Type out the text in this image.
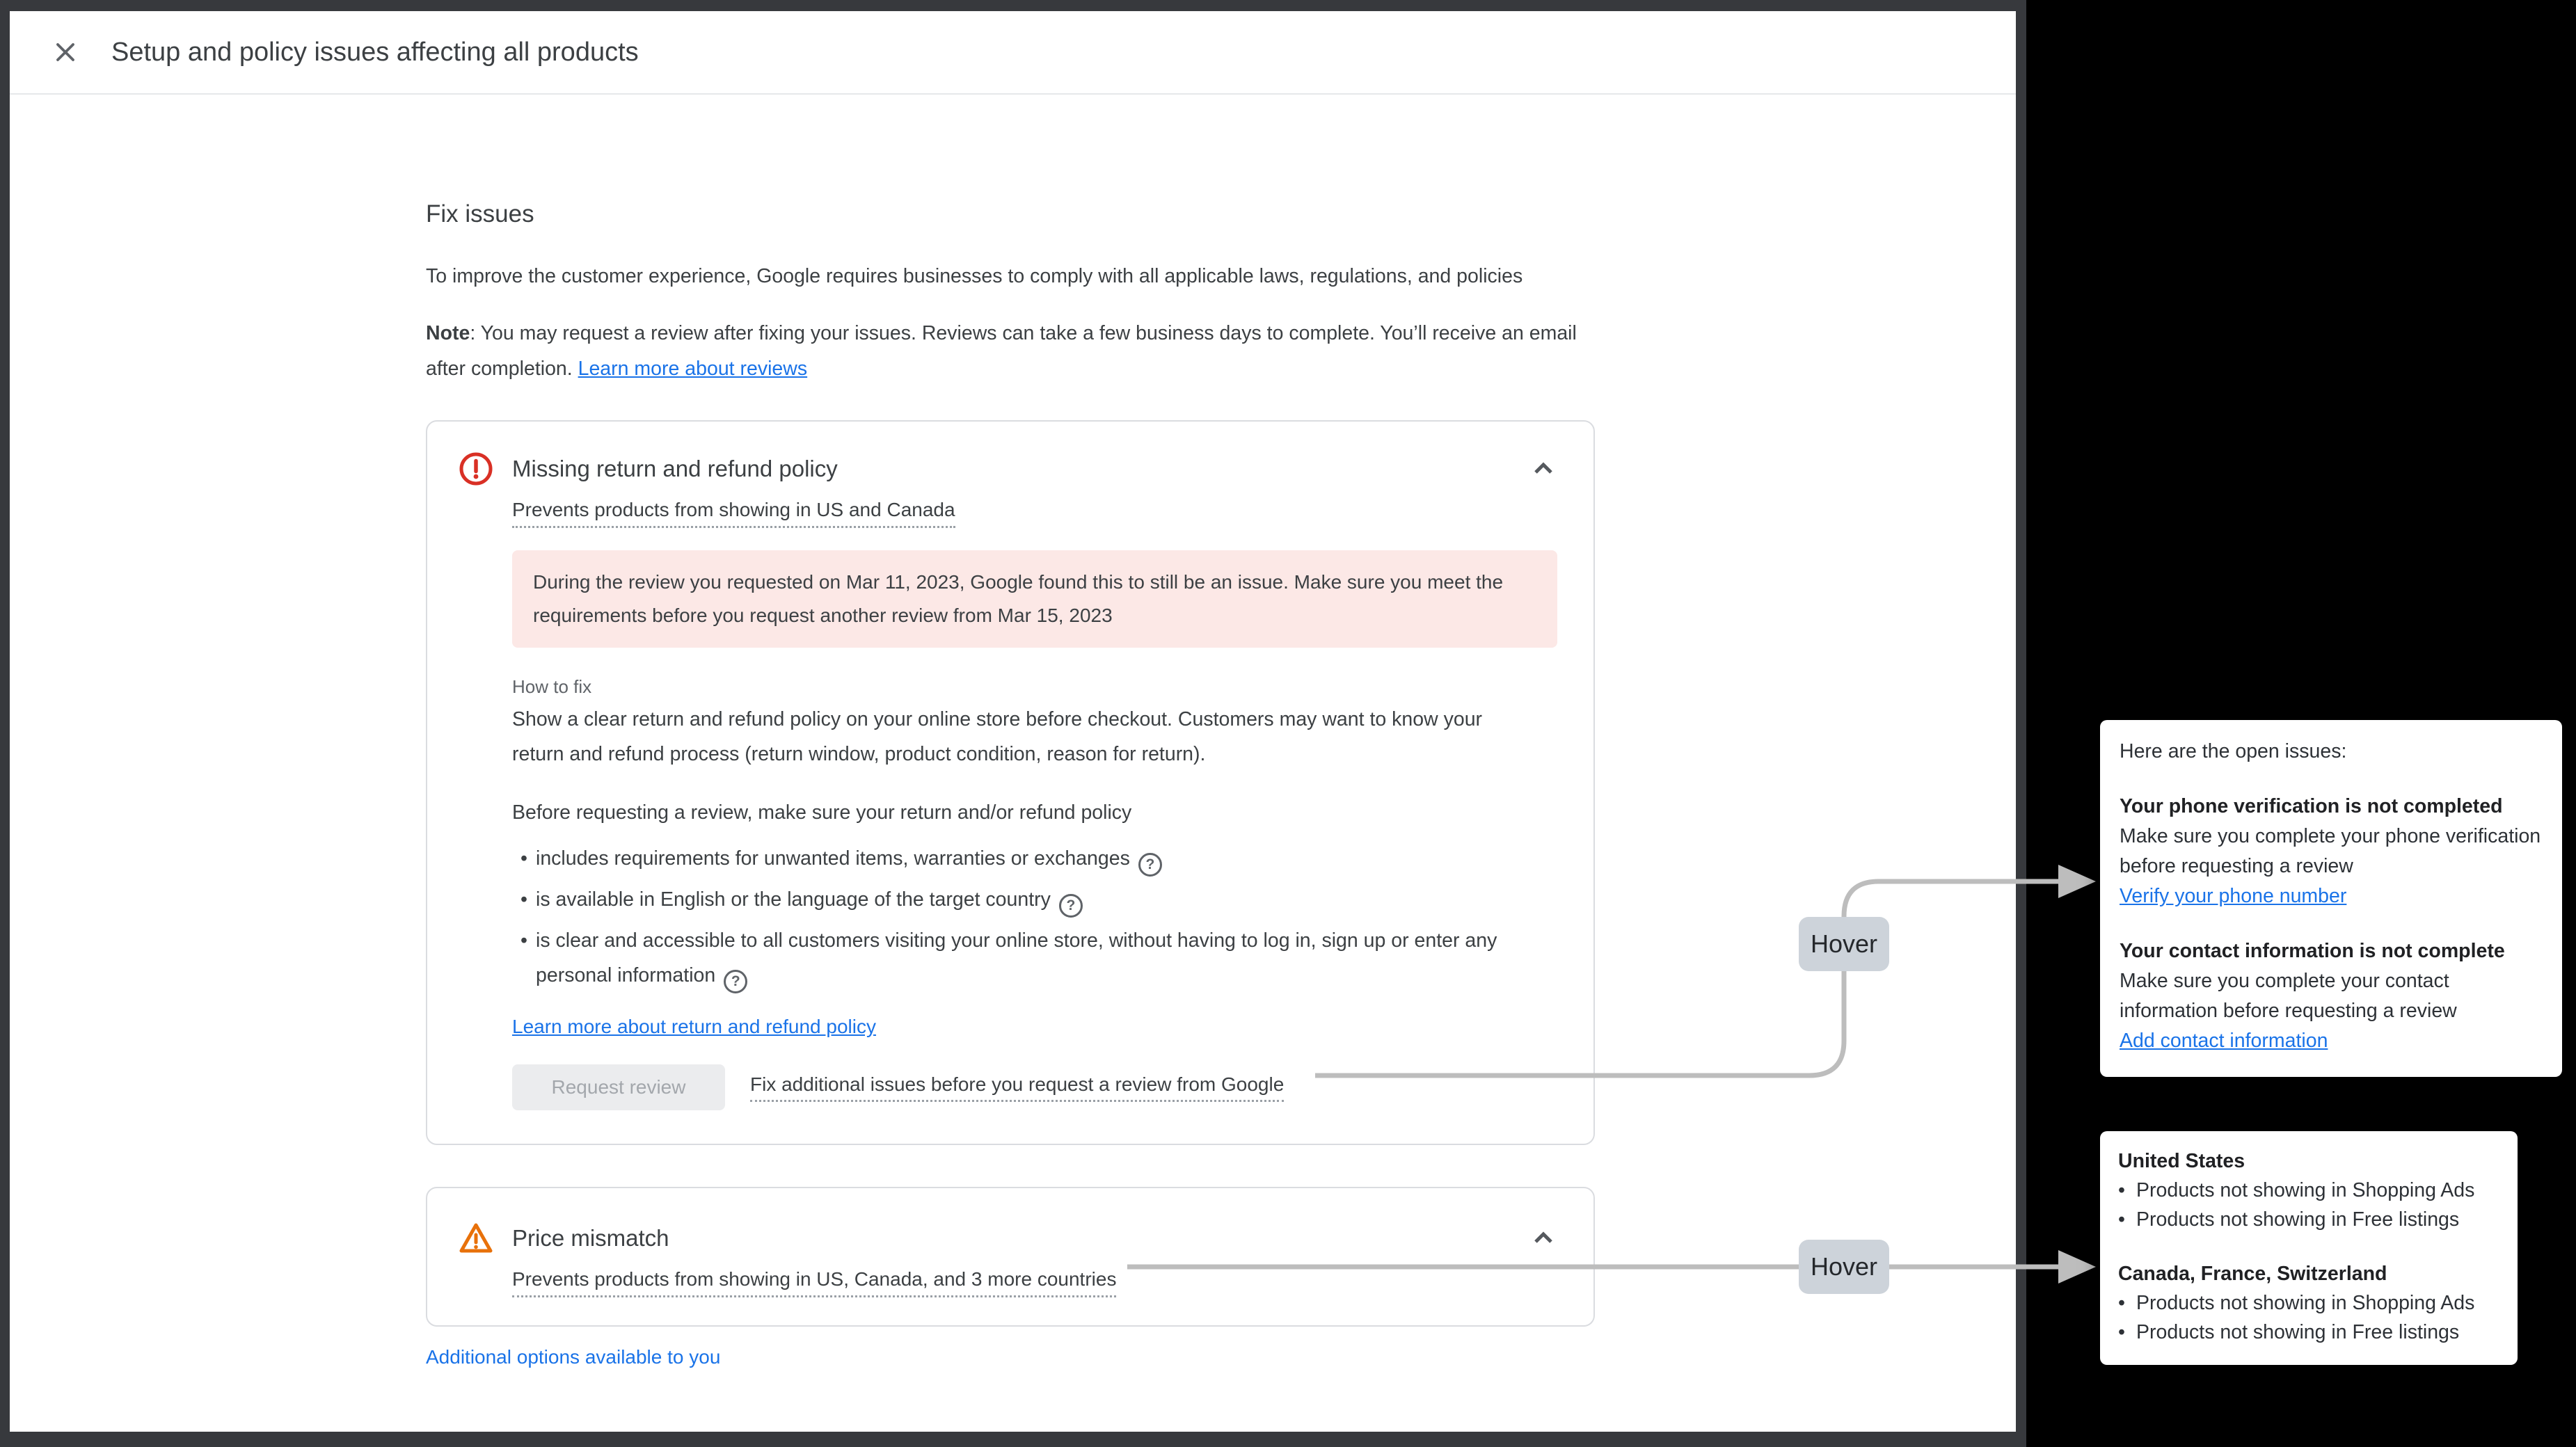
Setup and policy issues affecting all products
Fix issues
To improve the customer experience, Google requires businesses to comply with all applicable laws, regulations, and policies
Note: You may request a review after fixing your issues. Reviews can take a few business days to complete. You’ll receive an email after completion. Learn more about reviews
Missing return and refund policy
Prevents products from showing in US and Canada
During the review you requested on Mar 11, 2023, Google found this to still be an issue. Make sure you meet the requirements before you request another review from Mar 15, 2023
How to fix
Show a clear return and refund policy on your online store before checkout. Customers may want to know your return and refund process (return window, product condition, reason for return).
Before requesting a review, make sure your return and/or refund policy
• includes requirements for unwanted items, warranties or exchanges ?
• is available in English or the language of the target country ?
• is clear and accessible to all customers visiting your online store, without having to log in, sign up or enter any personal information ?
Learn more about return and refund policy
Request review	Fix additional issues before you request a review from Google
Price mismatch
Prevents products from showing in US, Canada, and 3 more countries
Additional options available to you
Hover
Hover
Here are the open issues:
Your phone verification is not completed
Make sure you complete your phone verification before requesting a review
Verify your phone number
Your contact information is not complete
Make sure you complete your contact information before requesting a review
Add contact information
United States
• Products not showing in Shopping Ads
• Products not showing in Free listings
Canada, France, Switzerland
• Products not showing in Shopping Ads
• Products not showing in Free listings
